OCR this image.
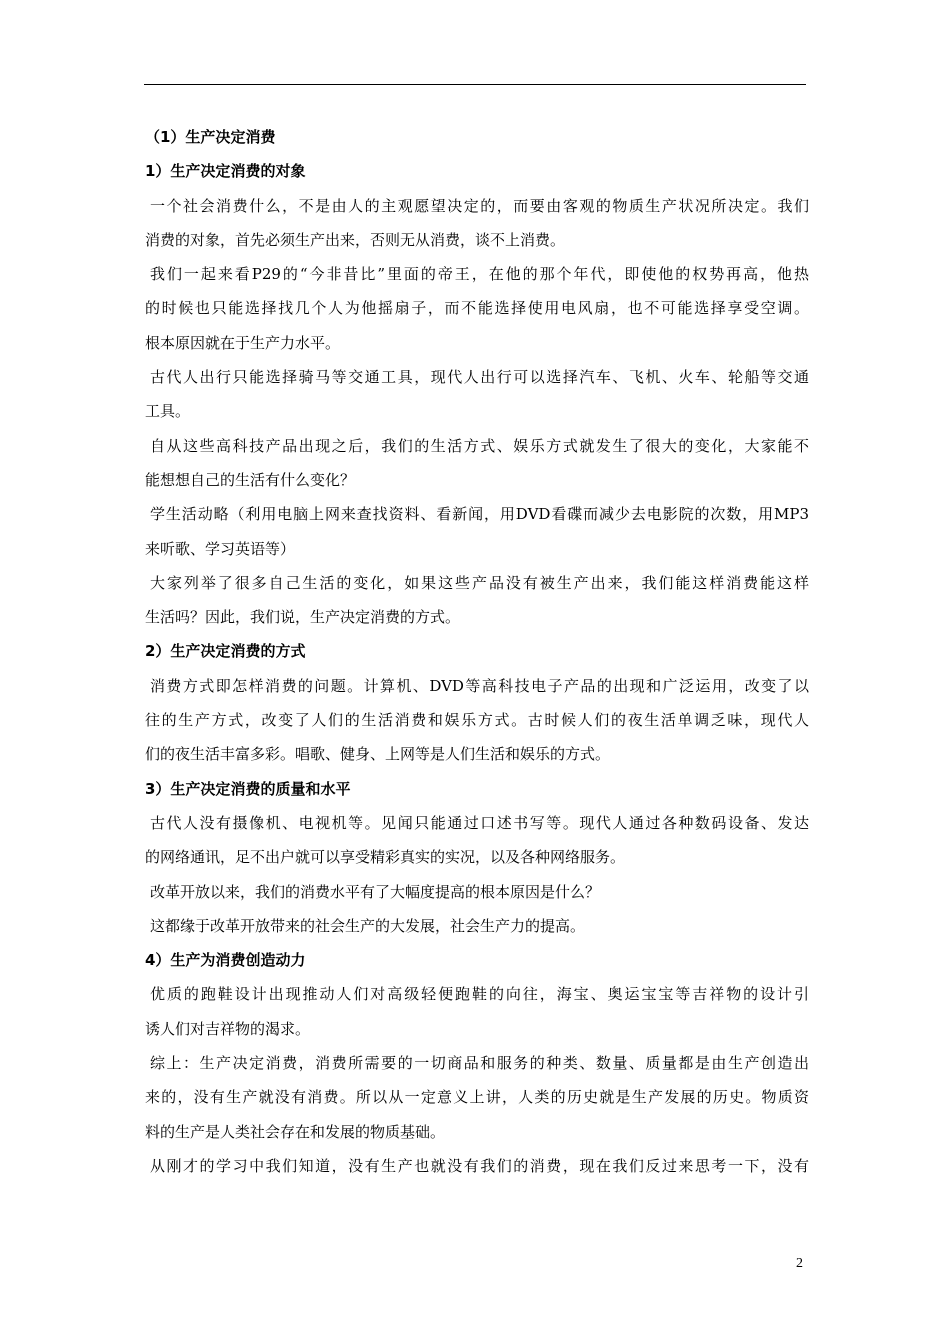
（1）生产决定消费
1）生产决定消费的对象
一个社会消费什么，不是由人的主观愿望决定的，而要由客观的物质生产状况所决定。我们
消费的对象，首先必须生产出来，否则无从消费，谈不上消费。
我们一起来看P29的“今非昔比”里面的帝王，在他的那个年代，即使他的权势再高，他热
的时候也只能选择找几个人为他摇扇子，而不能选择使用电风扇，也不可能选择享受空调。
根本原因就在于生产力水平。
古代人出行只能选择骑马等交通工具，现代人出行可以选择汽车、飞机、火车、轮船等交通
工具。
自从这些高科技产品出现之后，我们的生活方式、娱乐方式就发生了很大的变化，大家能不
能想想自己的生活有什么变化？
学生活动略（利用电脑上网来查找资料、看新闻，用DVD看碟而减少去电影院的次数，用MP3
来听歌、学习英语等）
大家列举了很多自己生活的变化，如果这些产品没有被生产出来，我们能这样消费能这样
生活吗？因此，我们说，生产决定消费的方式。
2）生产决定消费的方式
消费方式即怎样消费的问题。计算机、DVD等高科技电子产品的出现和广泛运用，改变了以
往的生产方式，改变了人们的生活消费和娱乐方式。古时候人们的夜生活单调乏味，现代人
们的夜生活丰富多彩。唱歌、健身、上网等是人们生活和娱乐的方式。
3）生产决定消费的质量和水平
古代人没有摄像机、电视机等。见闻只能通过口述书写等。现代人通过各种数码设备、发达
的网络通讯，足不出户就可以享受精彩真实的实况，以及各种网络服务。
改革开放以来，我们的消费水平有了大幅度提高的根本原因是什么？
这都缘于改革开放带来的社会生产的大发展，社会生产力的提高。
4）生产为消费创造动力
优质的跑鞋设计出现推动人们对高级轻便跑鞋的向往，海宝、奥运宝宝等吉祥物的设计引
诱人们对吉祥物的渴求。
综上：生产决定消费，消费所需要的一切商品和服务的种类、数量、质量都是由生产创造出
来的，没有生产就没有消费。所以从一定意义上讲，人类的历史就是生产发展的历史。物质资
料的生产是人类社会存在和发展的物质基础。
从刚才的学习中我们知道，没有生产也就没有我们的消费，现在我们反过来思考一下，没有
2
